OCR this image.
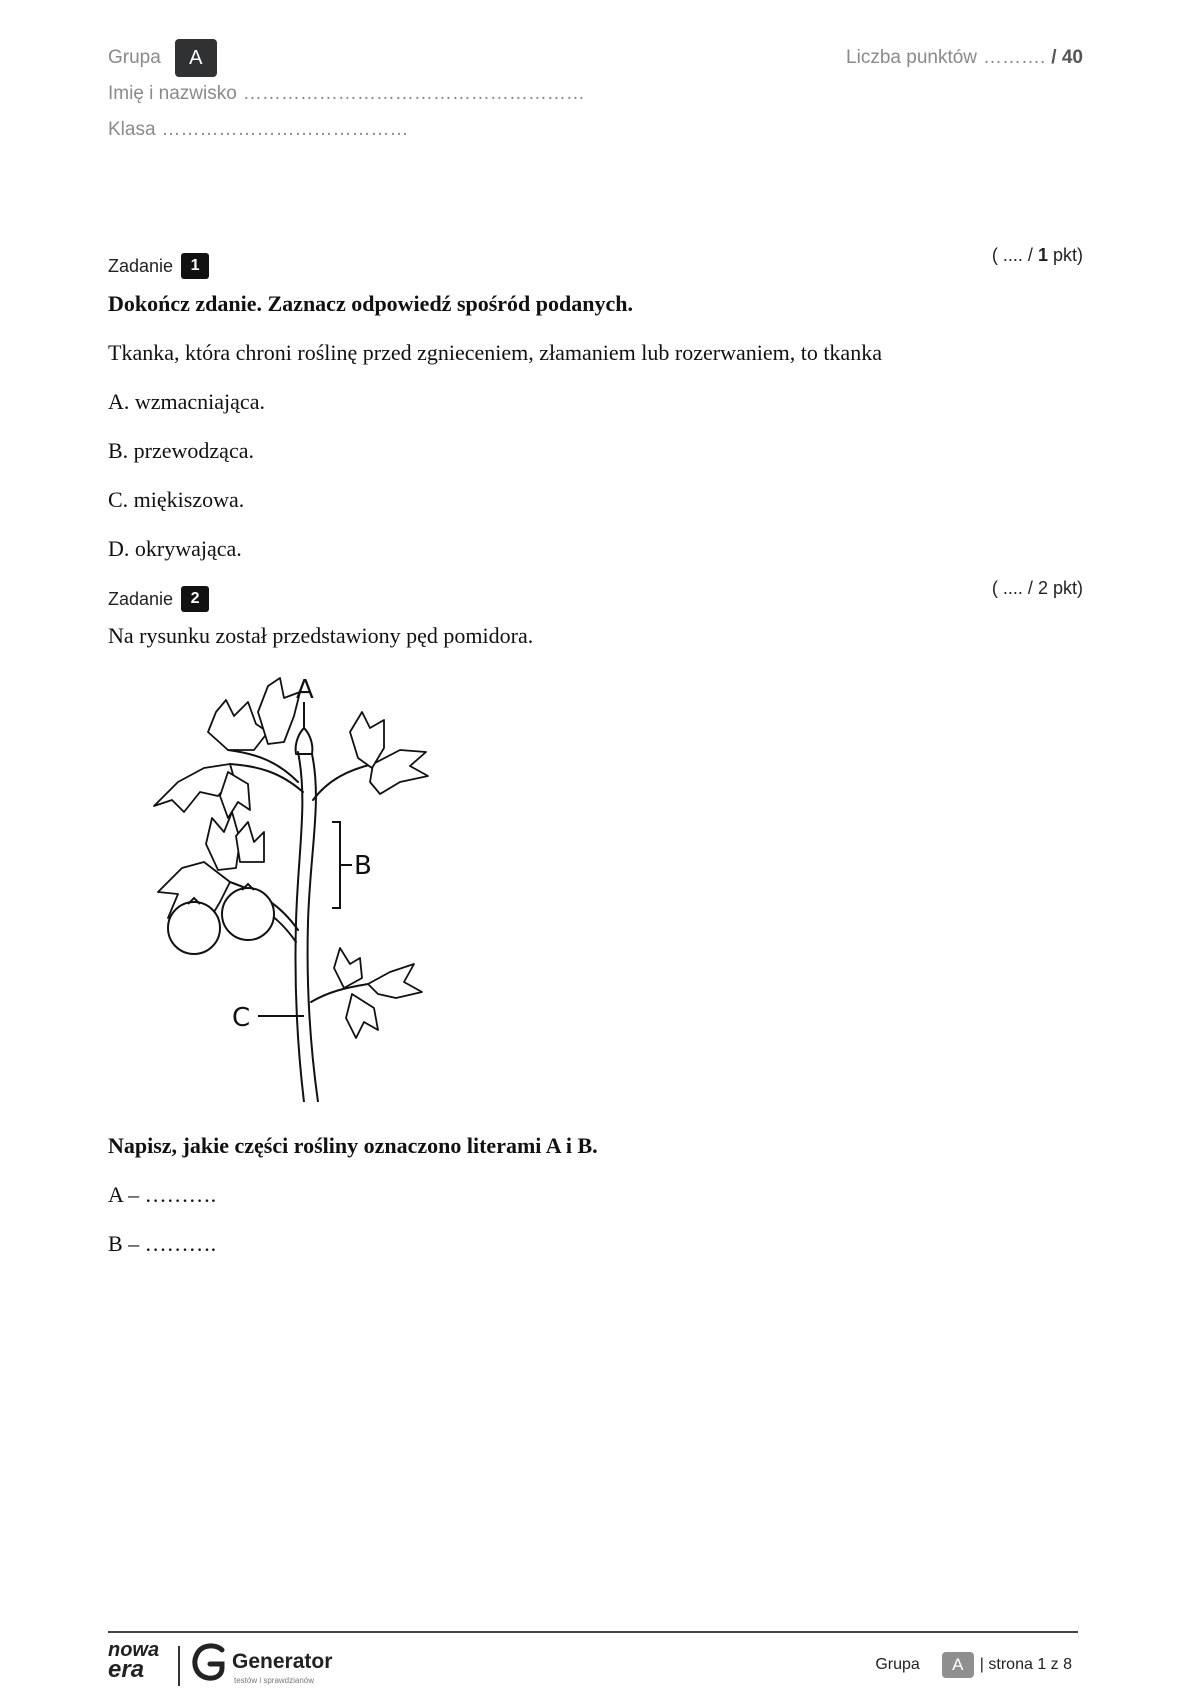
Grupa	A
Imię i nazwisko ………………………………………………
Klasa …………………………………
Liczba punktów ………. / 40
Zadanie	1
( .... / 1 pkt)
Dokończ zdanie. Zaznacz odpowiedź spośród podanych.
Tkanka, która chroni roślinę przed zgnieceniem, złamaniem lub rozerwaniem, to tkanka
A. wzmacniająca.
B. przewodząca.
C. miękiszowa.
D. okrywająca.
Zadanie	2
( .... / 2 pkt)
Na rysunku został przedstawiony pęd pomidora.
A
B
C
Napisz, jakie części rośliny oznaczono literami A i B.
A – ……….
B – ……….
nowa
era	Generator
testów i sprawdzianów
Grupa	A	| strona 1 z 8
